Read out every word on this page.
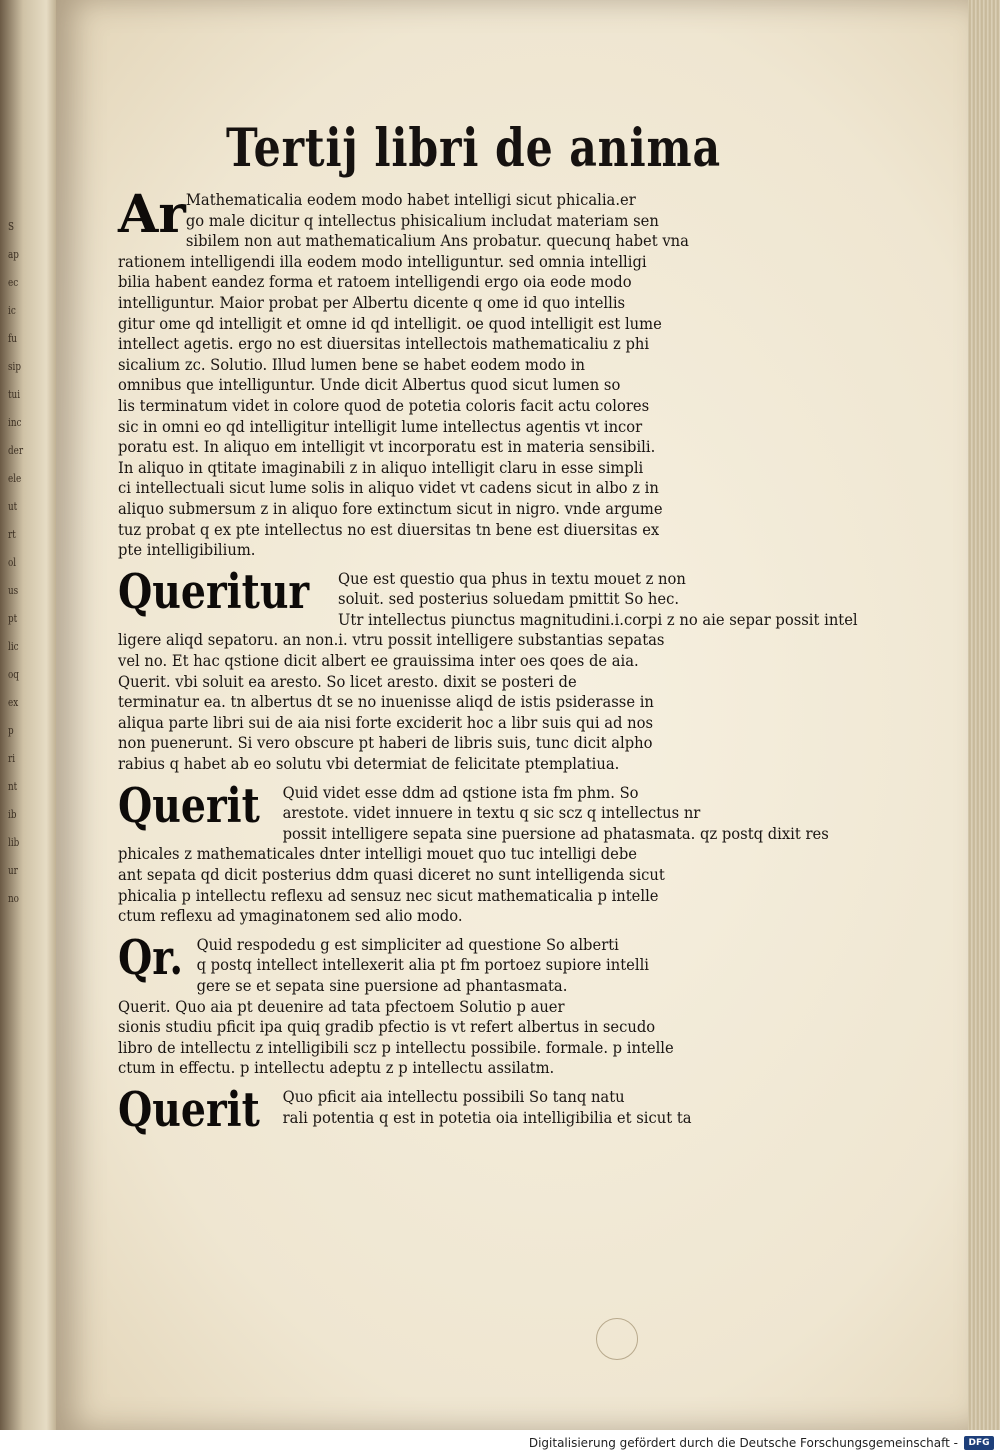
S
ap
ec
ic
fu
sip
tui
inc
der
ele
ut
rt
ol
us
pt
lic
oq
ex
p
ri
nt
ib
lib
ur
no
Tertij libri de anima
Ar Mathematicalia eodem modo habet intelligi sicut phicalia.er
go male dicitur q intellectus phisicalium includat materiam sen
sibilem non aut mathematicalium Ans probatur. quecunq habet vna
rationem intelligendi illa eodem modo intelliguntur. sed omnia intelligi
bilia habent eandez forma et ratoem intelligendi ergo oia eode modo
intelliguntur. Maior probat per Albertu dicente q ome id quo intellis
gitur ome qd intelligit et omne id qd intelligit. oe quod intelligit est lume
intellect agetis. ergo no est diuersitas intellectois mathematicaliu z phi
sicalium zc. Solutio. Illud lumen bene se habet eodem modo in
omnibus que intelliguntur. Unde dicit Albertus quod sicut lumen so
lis terminatum videt in colore quod de potetia coloris facit actu colores
sic in omni eo qd intelligitur intelligit lume intellectus agentis vt incor
poratu est. In aliquo em intelligit vt incorporatu est in materia sensibili.
In aliquo in qtitate imaginabili z in aliquo intelligit claru in esse simpli
ci intellectuali sicut lume solis in aliquo videt vt cadens sicut in albo z in
aliquo submersum z in aliquo fore extinctum sicut in nigro. vnde argume
tuz probat q ex pte intellectus no est diuersitas tn bene est diuersitas ex
pte intelligibilium.
Queritur	Que est questio qua phus in textu mouet z non
soluit. sed posterius soluedam pmittit So hec.
Utr intellectus piunctus magnitudini.i.corpi z no aie separ possit intel
ligere aliqd sepatoru. an non.i. vtru possit intelligere substantias sepatas
vel no. Et hac qstione dicit albert ee grauissima inter oes qoes de aia.
Querit. vbi soluit ea aresto. So licet aresto. dixit se posteri de
terminatur ea. tn albertus dt se no inuenisse aliqd de istis psiderasse in
aliqua parte libri sui de aia nisi forte exciderit hoc a libr suis qui ad nos
non puenerunt. Si vero obscure pt haberi de libris suis, tunc dicit alpho
rabius q habet ab eo solutu vbi determiat de felicitate ptemplatiua.
Querit	Quid videt esse ddm ad qstione ista fm phm. So
arestote. videt innuere in textu q sic scz q intellectus nr
possit intelligere sepata sine puersione ad phatasmata. qz postq dixit res
phicales z mathematicales dnter intelligi mouet quo tuc intelligi debe
ant sepata qd dicit posterius ddm quasi diceret no sunt intelligenda sicut
phicalia p intellectu reflexu ad sensuz nec sicut mathematicalia p intelle
ctum reflexu ad ymaginatonem sed alio modo.
Qr. Quid respodedu g est simpliciter ad questione So alberti
q postq intellect intellexerit alia pt fm portoez supiore intelli
gere se et sepata sine puersione ad phantasmata.
Querit. Quo aia pt deuenire ad tata pfectoem Solutio p auer
sionis studiu pficit ipa quiq gradib pfectio is vt refert albertus in secudo
libro de intellectu z intelligibili scz p intellectu possibile. formale. p intelle
ctum in effectu. p intellectu adeptu z p intellectu assilatm.
Querit	Quo pficit aia intellectu possibili So tanq natu
rali potentia q est in potetia oia intelligibilia et sicut ta
Digitalisierung gefördert durch die Deutsche Forschungsgemeinschaft -	DFG
